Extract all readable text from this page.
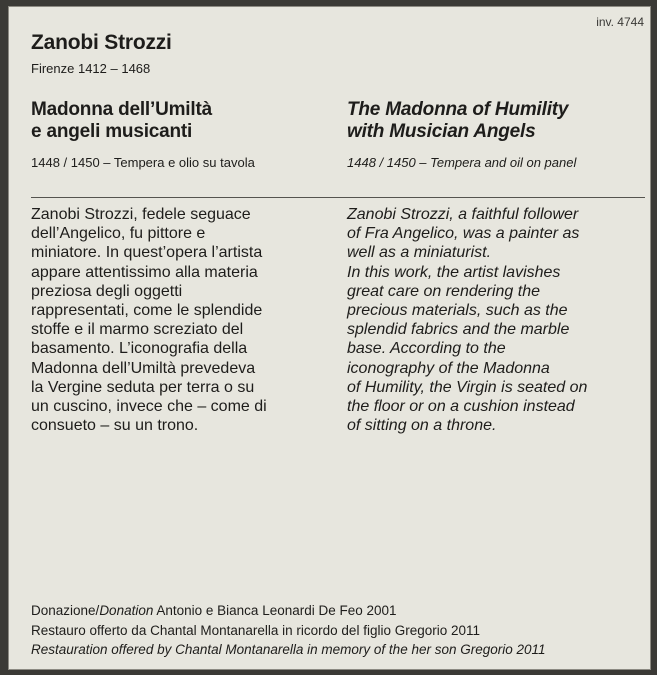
inv. 4744
Zanobi Strozzi
Firenze 1412 – 1468
Madonna dell’Umiltà
e angeli musicanti
The Madonna of Humility
with Musician Angels
1448 / 1450 – Tempera e olio su tavola	1448 / 1450 – Tempera and oil on panel
Zanobi Strozzi, fedele seguace
dell’Angelico, fu pittore e
miniatore. In quest’opera l’artista
appare attentissimo alla materia
preziosa degli oggetti
rappresentati, come le splendide
stoffe e il marmo screziato del
basamento. L’iconografia della
Madonna dell’Umiltà prevedeva
la Vergine seduta per terra o su
un cuscino, invece che – come di
consueto – su un trono.
Zanobi Strozzi, a faithful follower
of Fra Angelico, was a painter as
well as a miniaturist.
In this work, the artist lavishes
great care on rendering the
precious materials, such as the
splendid fabrics and the marble
base. According to the
iconography of the Madonna
of Humility, the Virgin is seated on
the floor or on a cushion instead
of sitting on a throne.
Donazione/Donation Antonio e Bianca Leonardi De Feo 2001
Restauro offerto da Chantal Montanarella in ricordo del figlio Gregorio 2011
Restauration offered by Chantal Montanarella in memory of the her son Gregorio 2011
